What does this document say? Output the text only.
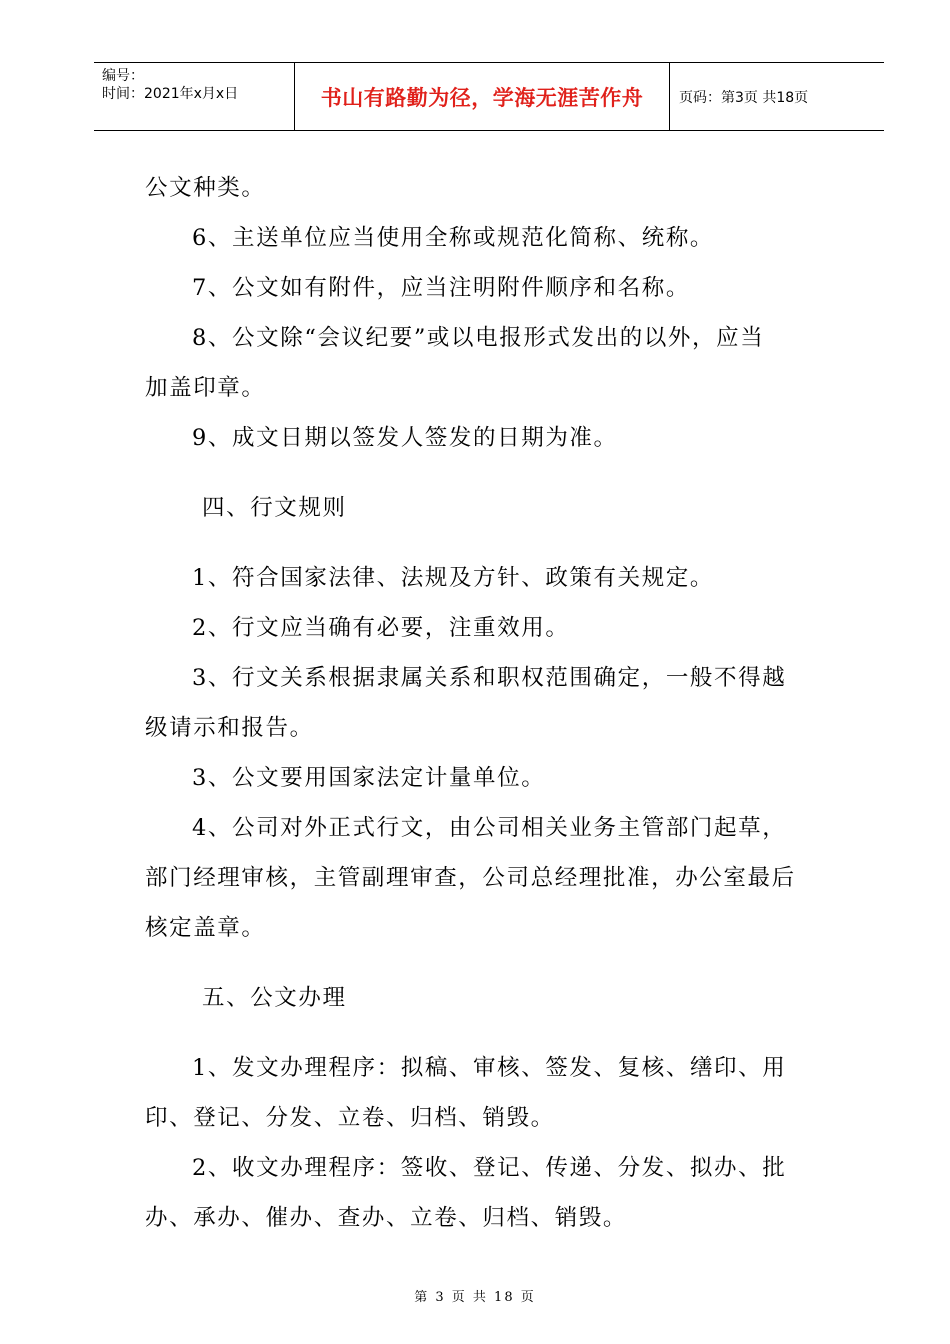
编号：
时间：2021年x月x日	书山有路勤为径，学海无涯苦作舟	页码：第3页 共18页
公文种类。
6、主送单位应当使用全称或规范化简称、统称。
7、公文如有附件，应当注明附件顺序和名称。
8、公文除“会议纪要”或以电报形式发出的以外，应当
加盖印章。
9、成文日期以签发人签发的日期为准。
四、行文规则
1、符合国家法律、法规及方针、政策有关规定。
2、行文应当确有必要，注重效用。
3、行文关系根据隶属关系和职权范围确定，一般不得越
级请示和报告。
3、公文要用国家法定计量单位。
4、公司对外正式行文，由公司相关业务主管部门起草，
部门经理审核，主管副理审查，公司总经理批准，办公室最后
核定盖章。
五、公文办理
1、发文办理程序：拟稿、审核、签发、复核、缮印、用
印、登记、分发、立卷、归档、销毁。
2、收文办理程序：签收、登记、传递、分发、拟办、批
办、承办、催办、查办、立卷、归档、销毁。
第 3 页 共 18 页
